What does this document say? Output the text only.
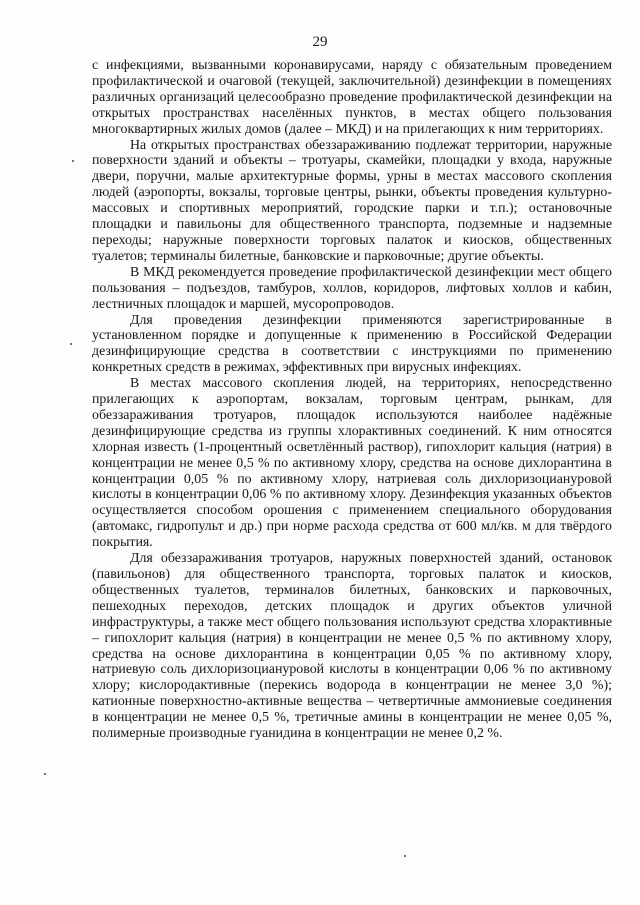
29

с инфекциями, вызванными коронавирусами, наряду с обязательным проведением профилактической и очаговой (текущей, заключительной) дезинфекции в помещениях различных организаций целесообразно проведение профилактической дезинфекции на открытых пространствах населённых пунктов, в местах общего пользования многоквартирных жилых домов (далее – МКД) и на прилегающих к ним территориях.

На открытых пространствах обеззараживанию подлежат территории, наружные поверхности зданий и объекты – тротуары, скамейки, площадки у входа, наружные двери, поручни, малые архитектурные формы, урны в местах массового скопления людей (аэропорты, вокзалы, торговые центры, рынки, объекты проведения культурно-массовых и спортивных мероприятий, городские парки и т.п.); остановочные площадки и павильоны для общественного транспорта, подземные и надземные переходы; наружные поверхности торговых палаток и киосков, общественных туалетов; терминалы билетные, банковские и парковочные; другие объекты.

В МКД рекомендуется проведение профилактической дезинфекции мест общего пользования – подъездов, тамбуров, холлов, коридоров, лифтовых холлов и кабин, лестничных площадок и маршей, мусоропроводов.

Для проведения дезинфекции применяются зарегистрированные в установленном порядке и допущенные к применению в Российской Федерации дезинфицирующие средства в соответствии с инструкциями по применению конкретных средств в режимах, эффективных при вирусных инфекциях.

В местах массового скопления людей, на территориях, непосредственно прилегающих к аэропортам, вокзалам, торговым центрам, рынкам, для обеззараживания тротуаров, площадок используются наиболее надёжные дезинфицирующие средства из группы хлорактивных соединений. К ним относятся хлорная известь (1-процентный осветлённый раствор), гипохлорит кальция (натрия) в концентрации не менее 0,5 % по активному хлору, средства на основе дихлорантина в концентрации 0,05 % по активному хлору, натриевая соль дихлоризоциануровой кислоты в концентрации 0,06 % по активному хлору. Дезинфекция указанных объектов осуществляется способом орошения с применением специального оборудования (автомакс, гидропульт и др.) при норме расхода средства от 600 мл/кв. м для твёрдого покрытия.

Для обеззараживания тротуаров, наружных поверхностей зданий, остановок (павильонов) для общественного транспорта, торговых палаток и киосков, общественных туалетов, терминалов билетных, банковских и парковочных, пешеходных переходов, детских площадок и других объектов уличной инфраструктуры, а также мест общего пользования используют средства хлорактивные – гипохлорит кальция (натрия) в концентрации не менее 0,5 % по активному хлору, средства на основе дихлорантина в концентрации 0,05 % по активному хлору, натриевую соль дихлоризоциануровой кислоты в концентрации 0,06 % по активному хлору; кислородактивные (перекись водорода в концентрации не менее 3,0 %); катионные поверхностно-активные вещества – четвертичные аммониевые соединения в концентрации не менее 0,5 %, третичные амины в концентрации не менее 0,05 %, полимерные производные гуанидина в концентрации не менее 0,2 %.
